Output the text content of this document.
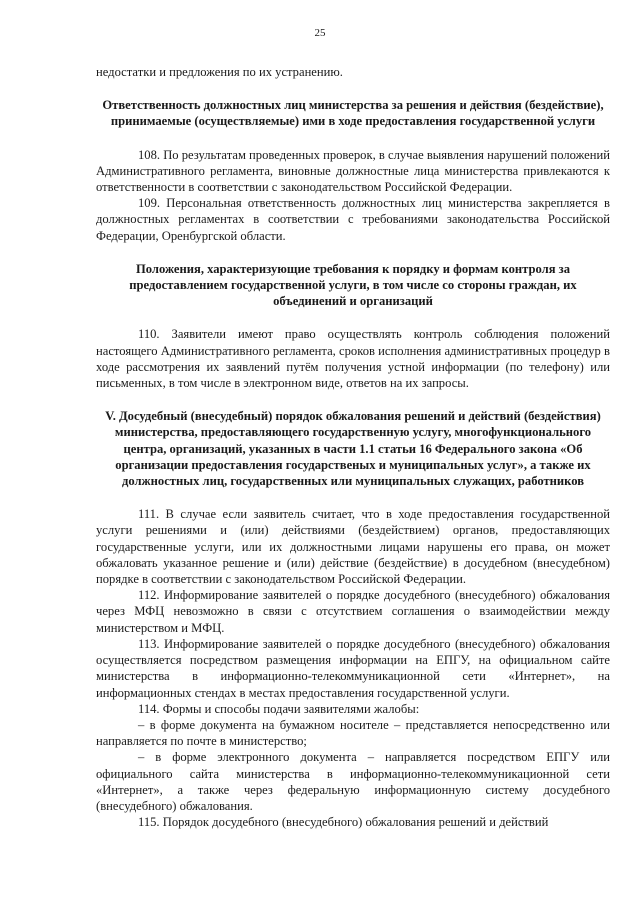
25

недостатки и предложения по их устранению.

Ответственность должностных лиц министерства за решения и действия (бездействие), принимаемые (осуществляемые) ими в ходе предоставления государственной услуги

108. По результатам проведенных проверок, в случае выявления нарушений положений Административного регламента, виновные должностные лица министерства привлекаются к ответственности в соответствии с законодательством Российской Федерации.

109. Персональная ответственность должностных лиц министерства закрепляется в должностных регламентах в соответствии с требованиями законодательства Российской Федерации, Оренбургской области.

Положения, характеризующие требования к порядку и формам контроля за предоставлением государственной услуги, в том числе со стороны граждан, их объединений и организаций

110. Заявители имеют право осуществлять контроль соблюдения положений настоящего Административного регламента, сроков исполнения административных процедур в ходе рассмотрения их заявлений путём получения устной информации (по телефону) или письменных, в том числе в электронном виде, ответов на их запросы.

V. Досудебный (внесудебный) порядок обжалования решений и действий (бездействия) министерства, предоставляющего государственную услугу, многофункционального центра, организаций, указанных в части 1.1 статьи 16 Федерального закона «Об организации предоставления государственых и муниципальных услуг», а также их должностных лиц, государственных или муниципальных служащих, работников

111. В случае если заявитель считает, что в ходе предоставления государственной услуги решениями и (или) действиями (бездействием) органов, предоставляющих государственные услуги, или их должностными лицами нарушены его права, он может обжаловать указанное решение и (или) действие (бездействие) в досудебном (внесудебном) порядке в соответствии с законодательством Российской Федерации.

112. Информирование заявителей о порядке досудебного (внесудебного) обжалования через МФЦ невозможно в связи с отсутствием соглашения о взаимодействии между министерством и МФЦ.

113. Информирование заявителей о порядке досудебного (внесудебного) обжалования осуществляется посредством размещения информации на ЕПГУ, на официальном сайте министерства в информационно-телекоммуникационной сети «Интернет», на информационных стендах в местах предоставления государственной услуги.

114. Формы и способы подачи заявителями жалобы:

– в форме документа на бумажном носителе – представляется непосредственно или направляется по почте в министерство;

– в форме электронного документа – направляется посредством ЕПГУ или официального сайта министерства в информационно-телекоммуникационной сети «Интернет», а также через федеральную информационную систему досудебного (внесудебного) обжалования.

115. Порядок досудебного (внесудебного) обжалования решений и действий
